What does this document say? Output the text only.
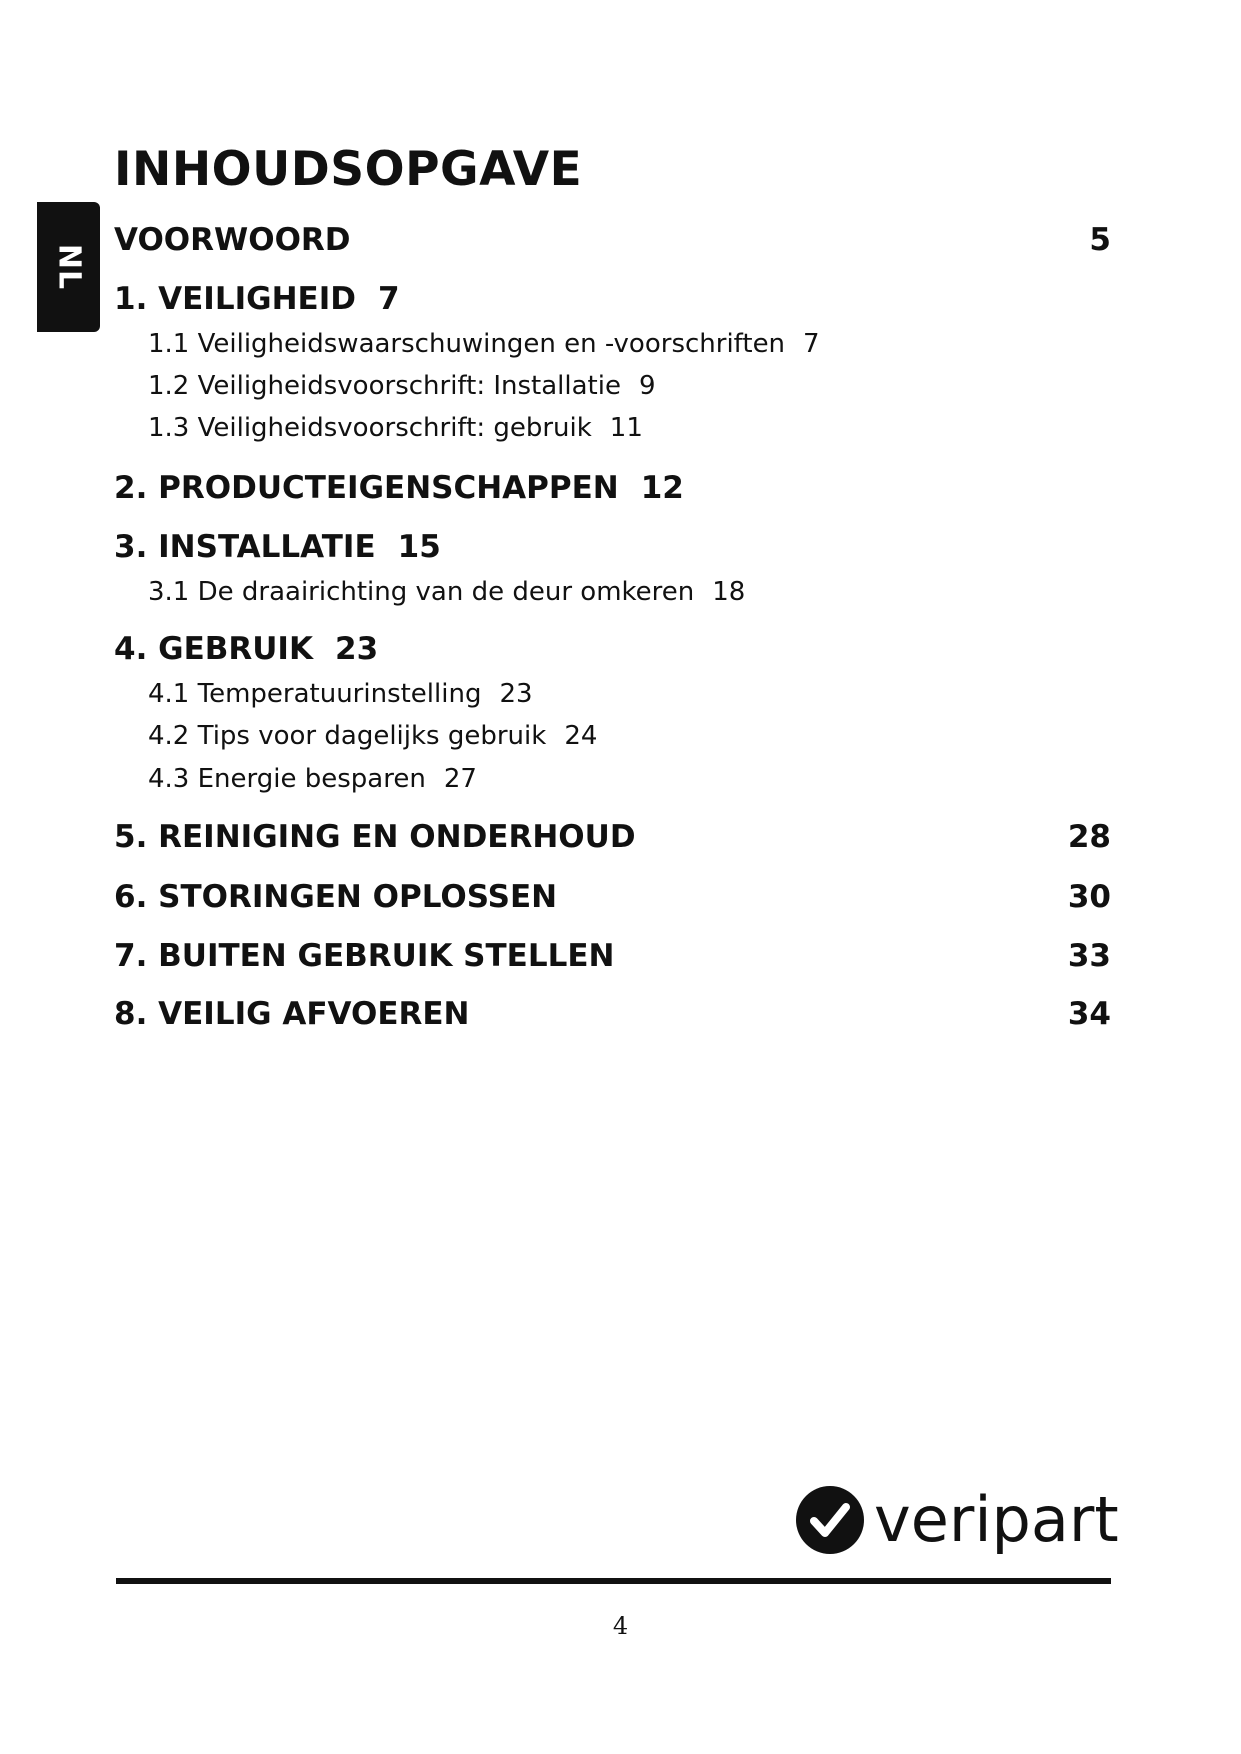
NL
INHOUDSOPGAVE
VOORWOORD	5
1. VEILIGHEID 7
1.1 Veiligheidswaarschuwingen en -voorschriften 7
1.2 Veiligheidsvoorschrift: Installatie 9
1.3 Veiligheidsvoorschrift: gebruik 11
2. PRODUCTEIGENSCHAPPEN 12
3. INSTALLATIE 15
3.1 De draairichting van de deur omkeren 18
4. GEBRUIK 23
4.1 Temperatuurinstelling 23
4.2 Tips voor dagelijks gebruik 24
4.3 Energie besparen 27
5. REINIGING EN ONDERHOUD	28
6. STORINGEN OPLOSSEN	30
7. BUITEN GEBRUIK STELLEN	33
8. VEILIG AFVOEREN	34
veripart
4
